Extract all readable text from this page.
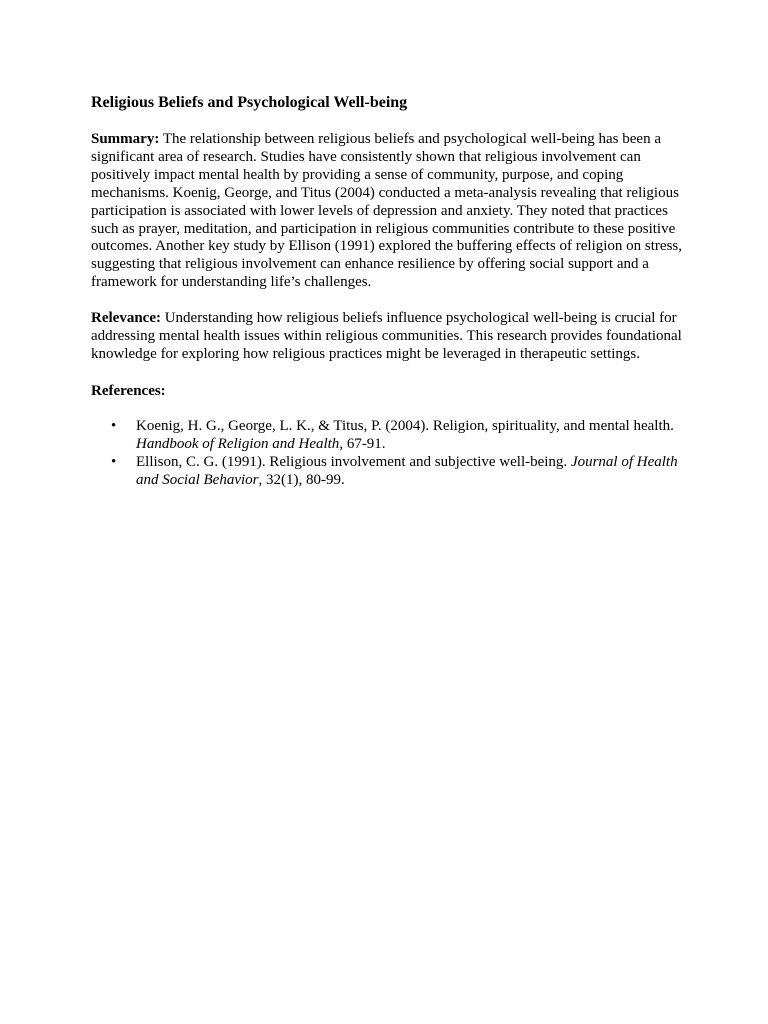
Religious Beliefs and Psychological Well-being

Summary: The relationship between religious beliefs and psychological well-being has been a significant area of research. Studies have consistently shown that religious involvement can positively impact mental health by providing a sense of community, purpose, and coping mechanisms. Koenig, George, and Titus (2004) conducted a meta-analysis revealing that religious participation is associated with lower levels of depression and anxiety. They noted that practices such as prayer, meditation, and participation in religious communities contribute to these positive outcomes. Another key study by Ellison (1991) explored the buffering effects of religion on stress, suggesting that religious involvement can enhance resilience by offering social support and a framework for understanding life’s challenges.

Relevance: Understanding how religious beliefs influence psychological well-being is crucial for addressing mental health issues within religious communities. This research provides foundational knowledge for exploring how religious practices might be leveraged in therapeutic settings.

References:
• Koenig, H. G., George, L. K., & Titus, P. (2004). Religion, spirituality, and mental health. Handbook of Religion and Health, 67-91.
• Ellison, C. G. (1991). Religious involvement and subjective well-being. Journal of Health and Social Behavior, 32(1), 80-99.
